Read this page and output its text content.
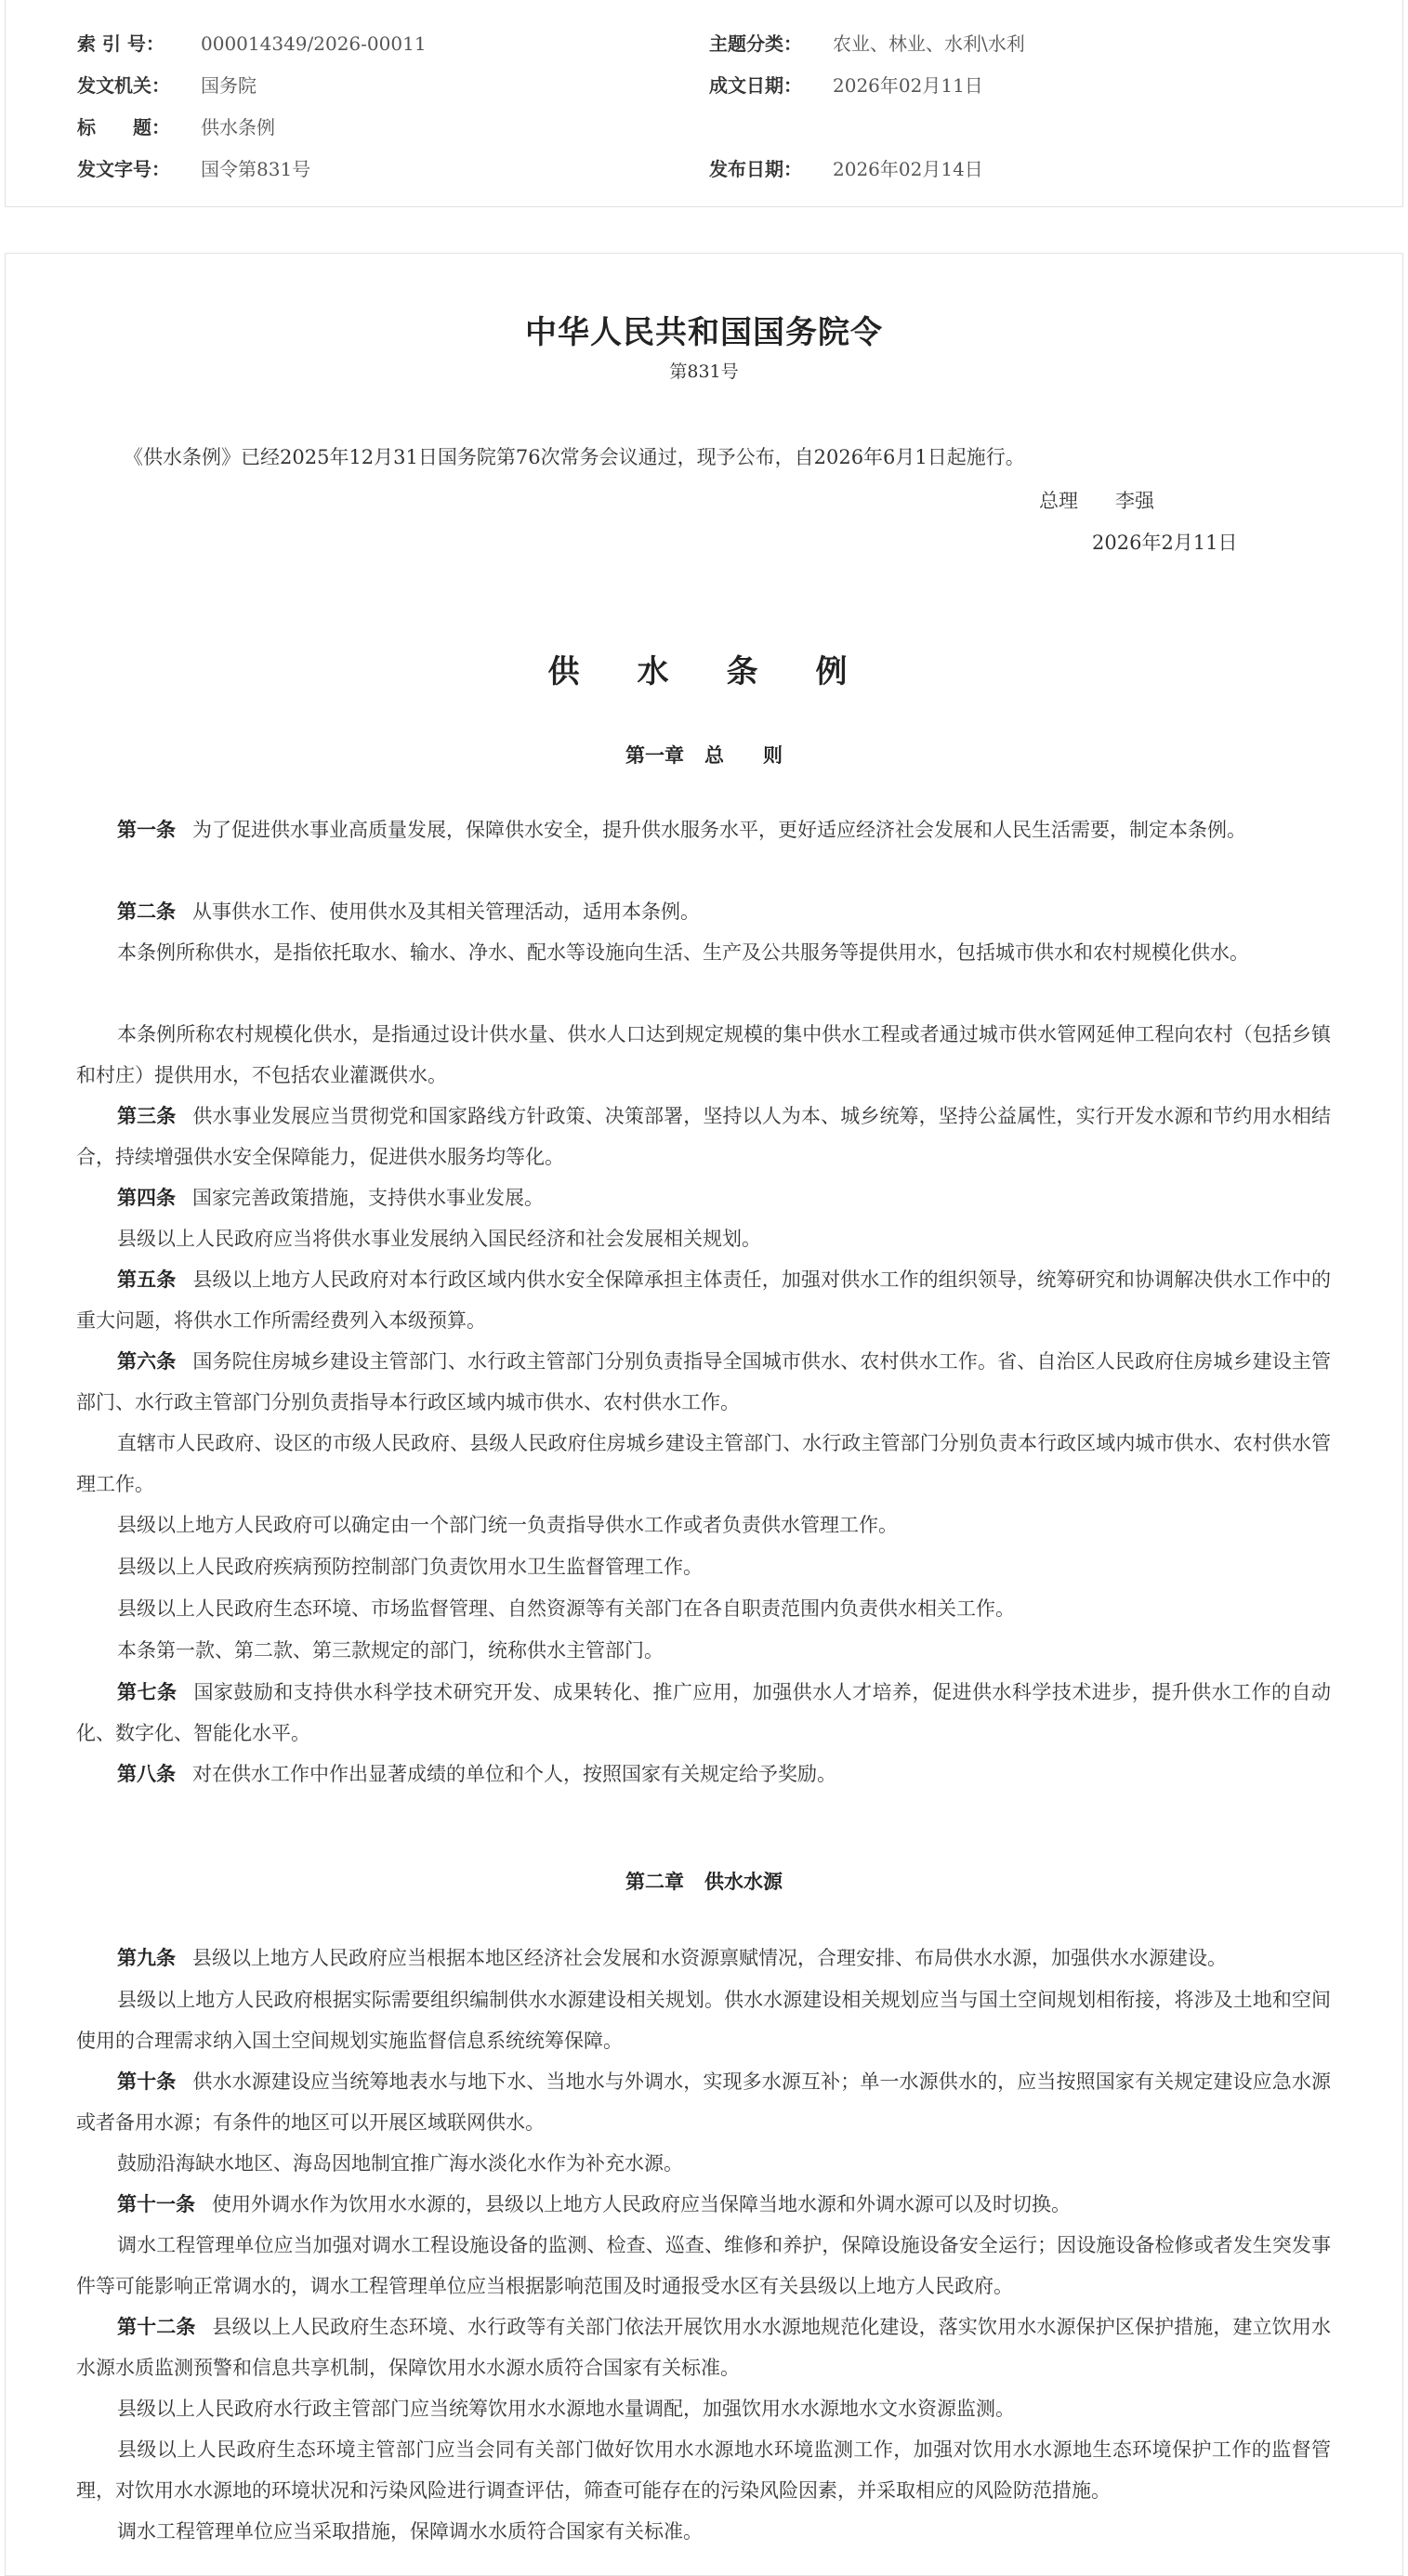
索 引 号： 000014349/2026-00011	主题分类： 农业、林业、水利\水利
发文机关： 国务院	成文日期： 2026年02月11日
标　　题： 供水条例
发文字号： 国令第831号	发布日期： 2026年02月14日
中华人民共和国国务院令
第831号
《供水条例》已经2025年12月31日国务院第76次常务会议通过，现予公布，自2026年6月1日起施行。
总理 李强
2026年2月11日
供　水　条　例
第一章 总　　则
第二章 供水水源
第一条 为了促进供水事业高质量发展，保障供水安全，提升供水服务水平，更好适应经济社会发展和人民生活需要，制定本条例。
第二条 从事供水工作、使用供水及其相关管理活动，适用本条例。
本条例所称供水，是指依托取水、输水、净水、配水等设施向生活、生产及公共服务等提供用水，包括城市供水和农村规模化供水。
本条例所称农村规模化供水，是指通过设计供水量、供水人口达到规定规模的集中供水工程或者通过城市供水管网延伸工程向农村（包括乡镇和村庄）提供用水，不包括农业灌溉供水。
第三条 供水事业发展应当贯彻党和国家路线方针政策、决策部署，坚持以人为本、城乡统筹，坚持公益属性，实行开发水源和节约用水相结合，持续增强供水安全保障能力，促进供水服务均等化。
第四条 国家完善政策措施，支持供水事业发展。
县级以上人民政府应当将供水事业发展纳入国民经济和社会发展相关规划。
第五条 县级以上地方人民政府对本行政区域内供水安全保障承担主体责任，加强对供水工作的组织领导，统筹研究和协调解决供水工作中的重大问题，将供水工作所需经费列入本级预算。
第六条 国务院住房城乡建设主管部门、水行政主管部门分别负责指导全国城市供水、农村供水工作。省、自治区人民政府住房城乡建设主管部门、水行政主管部门分别负责指导本行政区域内城市供水、农村供水工作。
直辖市人民政府、设区的市级人民政府、县级人民政府住房城乡建设主管部门、水行政主管部门分别负责本行政区域内城市供水、农村供水管理工作。
县级以上地方人民政府可以确定由一个部门统一负责指导供水工作或者负责供水管理工作。
县级以上人民政府疾病预防控制部门负责饮用水卫生监督管理工作。
县级以上人民政府生态环境、市场监督管理、自然资源等有关部门在各自职责范围内负责供水相关工作。
本条第一款、第二款、第三款规定的部门，统称供水主管部门。
第七条 国家鼓励和支持供水科学技术研究开发、成果转化、推广应用，加强供水人才培养，促进供水科学技术进步，提升供水工作的自动化、数字化、智能化水平。
第八条 对在供水工作中作出显著成绩的单位和个人，按照国家有关规定给予奖励。
第九条 县级以上地方人民政府应当根据本地区经济社会发展和水资源禀赋情况，合理安排、布局供水水源，加强供水水源建设。
县级以上地方人民政府根据实际需要组织编制供水水源建设相关规划。供水水源建设相关规划应当与国土空间规划相衔接，将涉及土地和空间使用的合理需求纳入国土空间规划实施监督信息系统统筹保障。
第十条 供水水源建设应当统筹地表水与地下水、当地水与外调水，实现多水源互补；单一水源供水的，应当按照国家有关规定建设应急水源或者备用水源；有条件的地区可以开展区域联网供水。
鼓励沿海缺水地区、海岛因地制宜推广海水淡化水作为补充水源。
第十一条 使用外调水作为饮用水水源的，县级以上地方人民政府应当保障当地水源和外调水源可以及时切换。
调水工程管理单位应当加强对调水工程设施设备的监测、检查、巡查、维修和养护，保障设施设备安全运行；因设施设备检修或者发生突发事件等可能影响正常调水的，调水工程管理单位应当根据影响范围及时通报受水区有关县级以上地方人民政府。
第十二条 县级以上人民政府生态环境、水行政等有关部门依法开展饮用水水源地规范化建设，落实饮用水水源保护区保护措施，建立饮用水水源水质监测预警和信息共享机制，保障饮用水水源水质符合国家有关标准。
县级以上人民政府水行政主管部门应当统筹饮用水水源地水量调配，加强饮用水水源地水文水资源监测。
县级以上人民政府生态环境主管部门应当会同有关部门做好饮用水水源地水环境监测工作，加强对饮用水水源地生态环境保护工作的监督管理，对饮用水水源地的环境状况和污染风险进行调查评估，筛查可能存在的污染风险因素，并采取相应的风险防范措施。
调水工程管理单位应当采取措施，保障调水水质符合国家有关标准。
